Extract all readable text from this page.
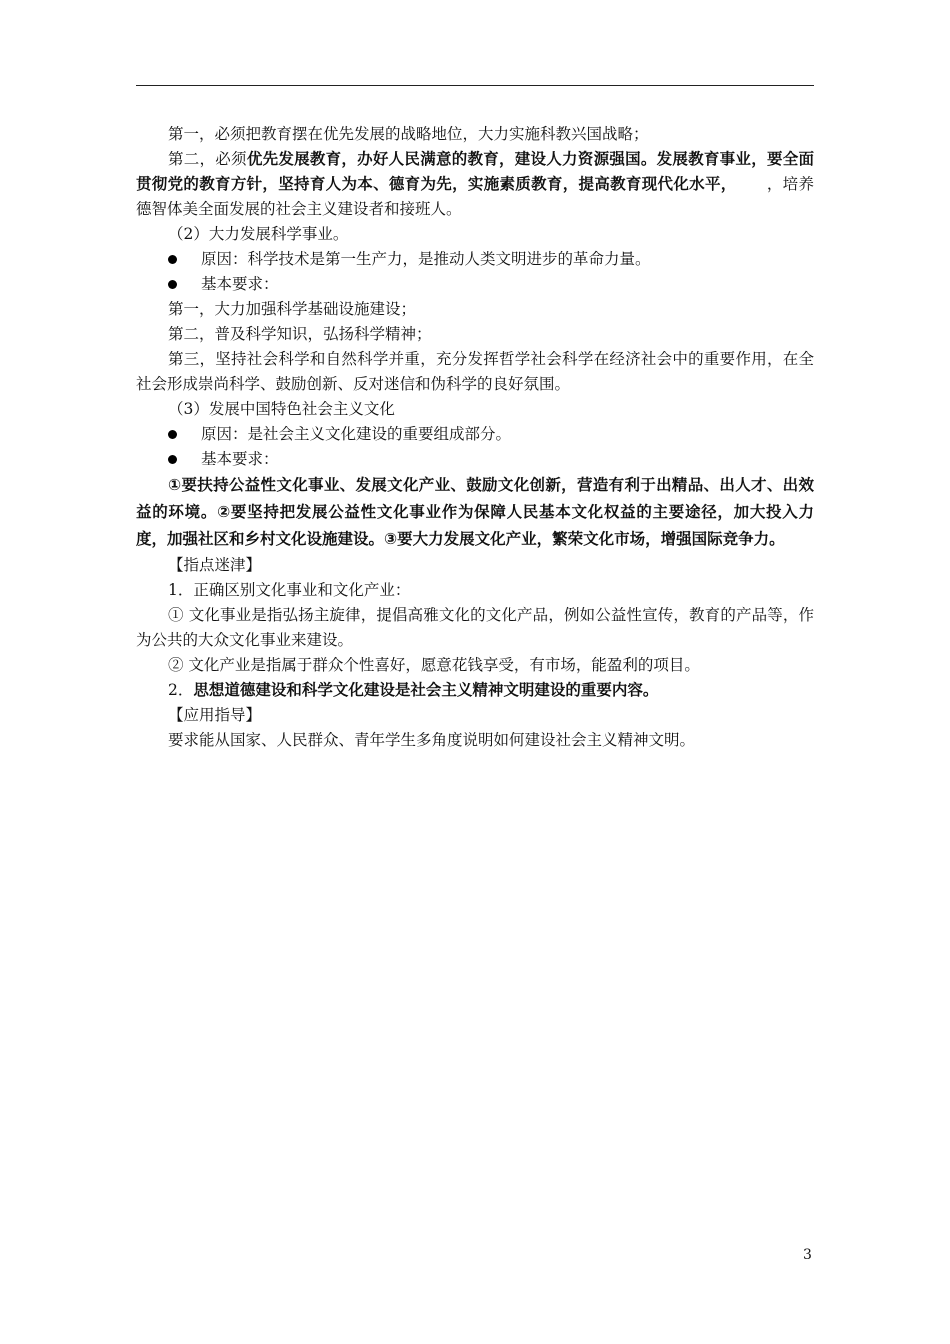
第一，必须把教育摆在优先发展的战略地位，大力实施科教兴国战略；

第二，必须优先发展教育，办好人民满意的教育，建设人力资源强国。发展教育事业，要全面贯彻党的教育方针，坚持育人为本、德育为先，实施素质教育，提高教育现代化水平， ，培养德智体美全面发展的社会主义建设者和接班人。

（2）大力发展科学事业。

原因：科学技术是第一生产力，是推动人类文明进步的革命力量。

基本要求：

第一，大力加强科学基础设施建设；

第二，普及科学知识，弘扬科学精神；

第三，坚持社会科学和自然科学并重，充分发挥哲学社会科学在经济社会中的重要作用，在全社会形成崇尚科学、鼓励创新、反对迷信和伪科学的良好氛围。

（3）发展中国特色社会主义文化

原因：是社会主义文化建设的重要组成部分。

基本要求：

①要扶持公益性文化事业、发展文化产业、鼓励文化创新，营造有利于出精品、出人才、出效益的环境。②要坚持把发展公益性文化事业作为保障人民基本文化权益的主要途径，加大投入力度，加强社区和乡村文化设施建设。③要大力发展文化产业，繁荣文化市场，增强国际竞争力。

【指点迷津】

1．正确区别文化事业和文化产业：

① 文化事业是指弘扬主旋律，提倡高雅文化的文化产品，例如公益性宣传，教育的产品等，作为公共的大众文化事业来建设。

② 文化产业是指属于群众个性喜好，愿意花钱享受，有市场，能盈利的项目。

2．思想道德建设和科学文化建设是社会主义精神文明建设的重要内容。

【应用指导】

要求能从国家、人民群众、青年学生多角度说明如何建设社会主义精神文明。

3
